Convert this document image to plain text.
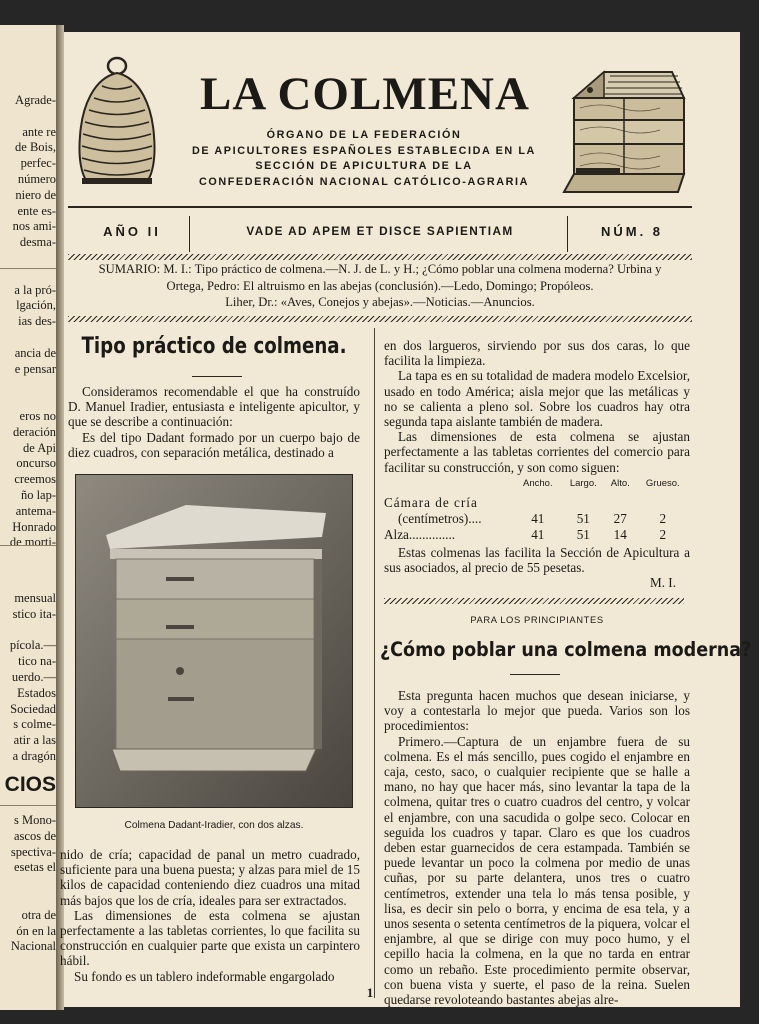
Agrade-
ante re
de Bois,
perfec-
número
niero de
ente es-
nos ami-
desma-
a la pró-
lgación,
ias des-
ancia de
e pensar
eros no
deración
de Api
oncurso
creemos
ño lap-
antema-
Honrado
de morti-
mensual
stico ita-
pícola.—
tico na-
uerdo.—
Estados
Sociedad
s colme-
atir a las
a dragón
CIOS
s Mono-
ascos de
spectiva-
esetas el
otra de
ón en la
Nacional
LA COLMENA
ÓRGANO DE LA FEDERACIÓN
DE APICULTORES ESPAÑOLES ESTABLECIDA EN LA
SECCIÓN DE APICULTURA DE LA
CONFEDERACIÓN NACIONAL CATÓLICO-AGRARIA
AÑO II	VADE AD APEM ET DISCE SAPIENTIAM	NÚM. 8
SUMARIO: M. I.: Tipo práctico de colmena.—N. J. de L. y H.; ¿Cómo poblar una colmena moderna? Urbina y
Ortega, Pedro: El altruismo en las abejas (conclusión).—Ledo, Domingo; Propóleos.
Liher, Dr.: «Aves, Conejos y abejas».—Noticias.—Anuncios.
Tipo práctico de colmena.

Consideramos recomendable el que ha construído D. Manuel Iradier, entusiasta e inteligente apicultor, y que se describe a continuación:

Es del tipo Dadant formado por un cuerpo bajo de diez cuadros, con separación metálica, destinado a

Colmena Dadant-Iradier, con dos alzas.

nido de cría; capacidad de panal un metro cuadrado, suficiente para una buena puesta; y alzas para miel de 15 kilos de capacidad conteniendo diez cuadros una mitad más bajos que los de cría, ideales para ser extractados.

Las dimensiones de esta colmena se ajustan perfectamente a las tabletas corrientes, lo que facilita su construcción en cualquier parte que exista un carpintero hábil.

Su fondo es un tablero indeformable engargolado

en dos largueros, sirviendo por sus dos caras, lo que facilita la limpieza.

La tapa es en su totalidad de madera modelo Excelsior, usado en todo América; aisla mejor que las metálicas y no se calienta a pleno sol. Sobre los cuadros hay otra segunda tapa aislante también de madera.

Las dimensiones de esta colmena se ajustan perfectamente a las tabletas corrientes del comercio para facilitar su construcción, y son como siguen:

	Ancho.	Largo.	Alto.	Grueso.
Cámara de cría				
(centímetros)....	41	51	27	2
Alza..............	41	51	14	2

Estas colmenas las facilita la Sección de Apicultura a sus asociados, al precio de 55 pesetas.

M. I.
PARA LOS PRINCIPIANTES
¿Cómo poblar una colmena moderna?

Esta pregunta hacen muchos que desean iniciarse, y voy a contestarla lo mejor que pueda. Varios son los procedimientos:

Primero.—Captura de un enjambre fuera de su colmena. Es el más sencillo, pues cogido el enjambre en caja, cesto, saco, o cualquier recipiente que se halle a mano, no hay que hacer más, sino levantar la tapa de la colmena, quitar tres o cuatro cuadros del centro, y volcar el enjambre, con una sacudida o golpe seco. Colocar en seguida los cuadros y tapar. Claro es que los cuadros deben estar guarnecidos de cera estampada. También se puede levantar un poco la colmena por medio de unas cuñas, por su parte delantera, unos tres o cuatro centímetros, extender una tela lo más tensa posible, y lisa, es decir sin pelo o borra, y encima de esa tela, y a unos sesenta o setenta centímetros de la piquera, volcar el enjambre, al que se dirige con muy poco humo, y el cepillo hacia la colmena, en la que no tarda en entrar como un rebaño. Este procedimiento permite observar, con buena vista y suerte, el paso de la reina. Suelen quedarse revoloteando bastantes abejas alre-

1
